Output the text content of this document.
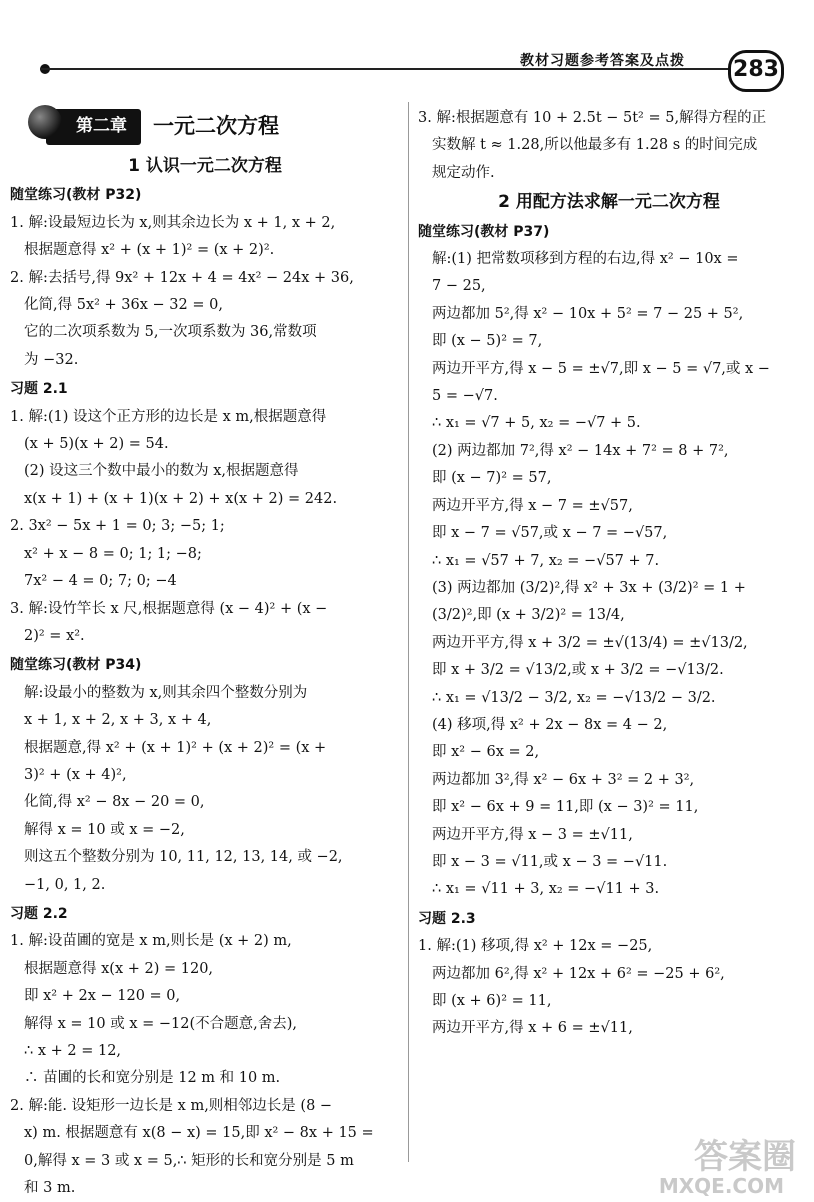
教材习题参考答案及点拨 283
第二章	一元二次方程
1 认识一元二次方程
随堂练习(教材 P32)

1. 解:设最短边长为 x,则其余边长为 x + 1, x + 2,

根据题意得 x² + (x + 1)² = (x + 2)².

2. 解:去括号,得 9x² + 12x + 4 = 4x² − 24x + 36,

化简,得 5x² + 36x − 32 = 0,

它的二次项系数为 5,一次项系数为 36,常数项

为 −32.

习题 2.1

1. 解:(1) 设这个正方形的边长是 x m,根据题意得

(x + 5)(x + 2) = 54.

(2) 设这三个数中最小的数为 x,根据题意得

x(x + 1) + (x + 1)(x + 2) + x(x + 2) = 242.

2. 3x² − 5x + 1 = 0; 3; −5; 1;

x² + x − 8 = 0; 1; 1; −8;

7x² − 4 = 0; 7; 0; −4

3. 解:设竹竿长 x 尺,根据题意得 (x − 4)² + (x −

2)² = x².

随堂练习(教材 P34)

解:设最小的整数为 x,则其余四个整数分别为

x + 1, x + 2, x + 3, x + 4,

根据题意,得 x² + (x + 1)² + (x + 2)² = (x +

3)² + (x + 4)²,

化简,得 x² − 8x − 20 = 0,

解得 x = 10 或 x = −2,

则这五个整数分别为 10, 11, 12, 13, 14, 或 −2,

−1, 0, 1, 2.

习题 2.2

1. 解:设苗圃的宽是 x m,则长是 (x + 2) m,

根据题意得 x(x + 2) = 120,

即 x² + 2x − 120 = 0,

解得 x = 10 或 x = −12(不合题意,舍去),

∴ x + 2 = 12,

∴ 苗圃的长和宽分别是 12 m 和 10 m.

2. 解:能. 设矩形一边长是 x m,则相邻边长是 (8 −

x) m. 根据题意有 x(8 − x) = 15,即 x² − 8x + 15 =

0,解得 x = 3 或 x = 5,∴ 矩形的长和宽分别是 5 m

和 3 m.

3. 解:根据题意有 10 + 2.5t − 5t² = 5,解得方程的正

实数解 t ≈ 1.28,所以他最多有 1.28 s 的时间完成

规定动作.

2 用配方法求解一元二次方程
随堂练习(教材 P37)

解:(1) 把常数项移到方程的右边,得 x² − 10x =

7 − 25,

两边都加 5²,得 x² − 10x + 5² = 7 − 25 + 5²,

即 (x − 5)² = 7,

两边开平方,得 x − 5 = ±√7,即 x − 5 = √7,或 x −

5 = −√7.

∴ x₁ = √7 + 5, x₂ = −√7 + 5.

(2) 两边都加 7²,得 x² − 14x + 7² = 8 + 7²,

即 (x − 7)² = 57,

两边开平方,得 x − 7 = ±√57,

即 x − 7 = √57,或 x − 7 = −√57,

∴ x₁ = √57 + 7, x₂ = −√57 + 7.

(3) 两边都加 (3/2)²,得 x² + 3x + (3/2)² = 1 +

(3/2)²,即 (x + 3/2)² = 13/4,

两边开平方,得 x + 3/2 = ±√(13/4) = ±√13/2,

即 x + 3/2 = √13/2,或 x + 3/2 = −√13/2.

∴ x₁ = √13/2 − 3/2, x₂ = −√13/2 − 3/2.

(4) 移项,得 x² + 2x − 8x = 4 − 2,

即 x² − 6x = 2,

两边都加 3²,得 x² − 6x + 3² = 2 + 3²,

即 x² − 6x + 9 = 11,即 (x − 3)² = 11,

两边开平方,得 x − 3 = ±√11,

即 x − 3 = √11,或 x − 3 = −√11.

∴ x₁ = √11 + 3, x₂ = −√11 + 3.

习题 2.3

1. 解:(1) 移项,得 x² + 12x = −25,

两边都加 6²,得 x² + 12x + 6² = −25 + 6²,

即 (x + 6)² = 11,

两边开平方,得 x + 6 = ±√11,

答案圈
MXQE.COM
